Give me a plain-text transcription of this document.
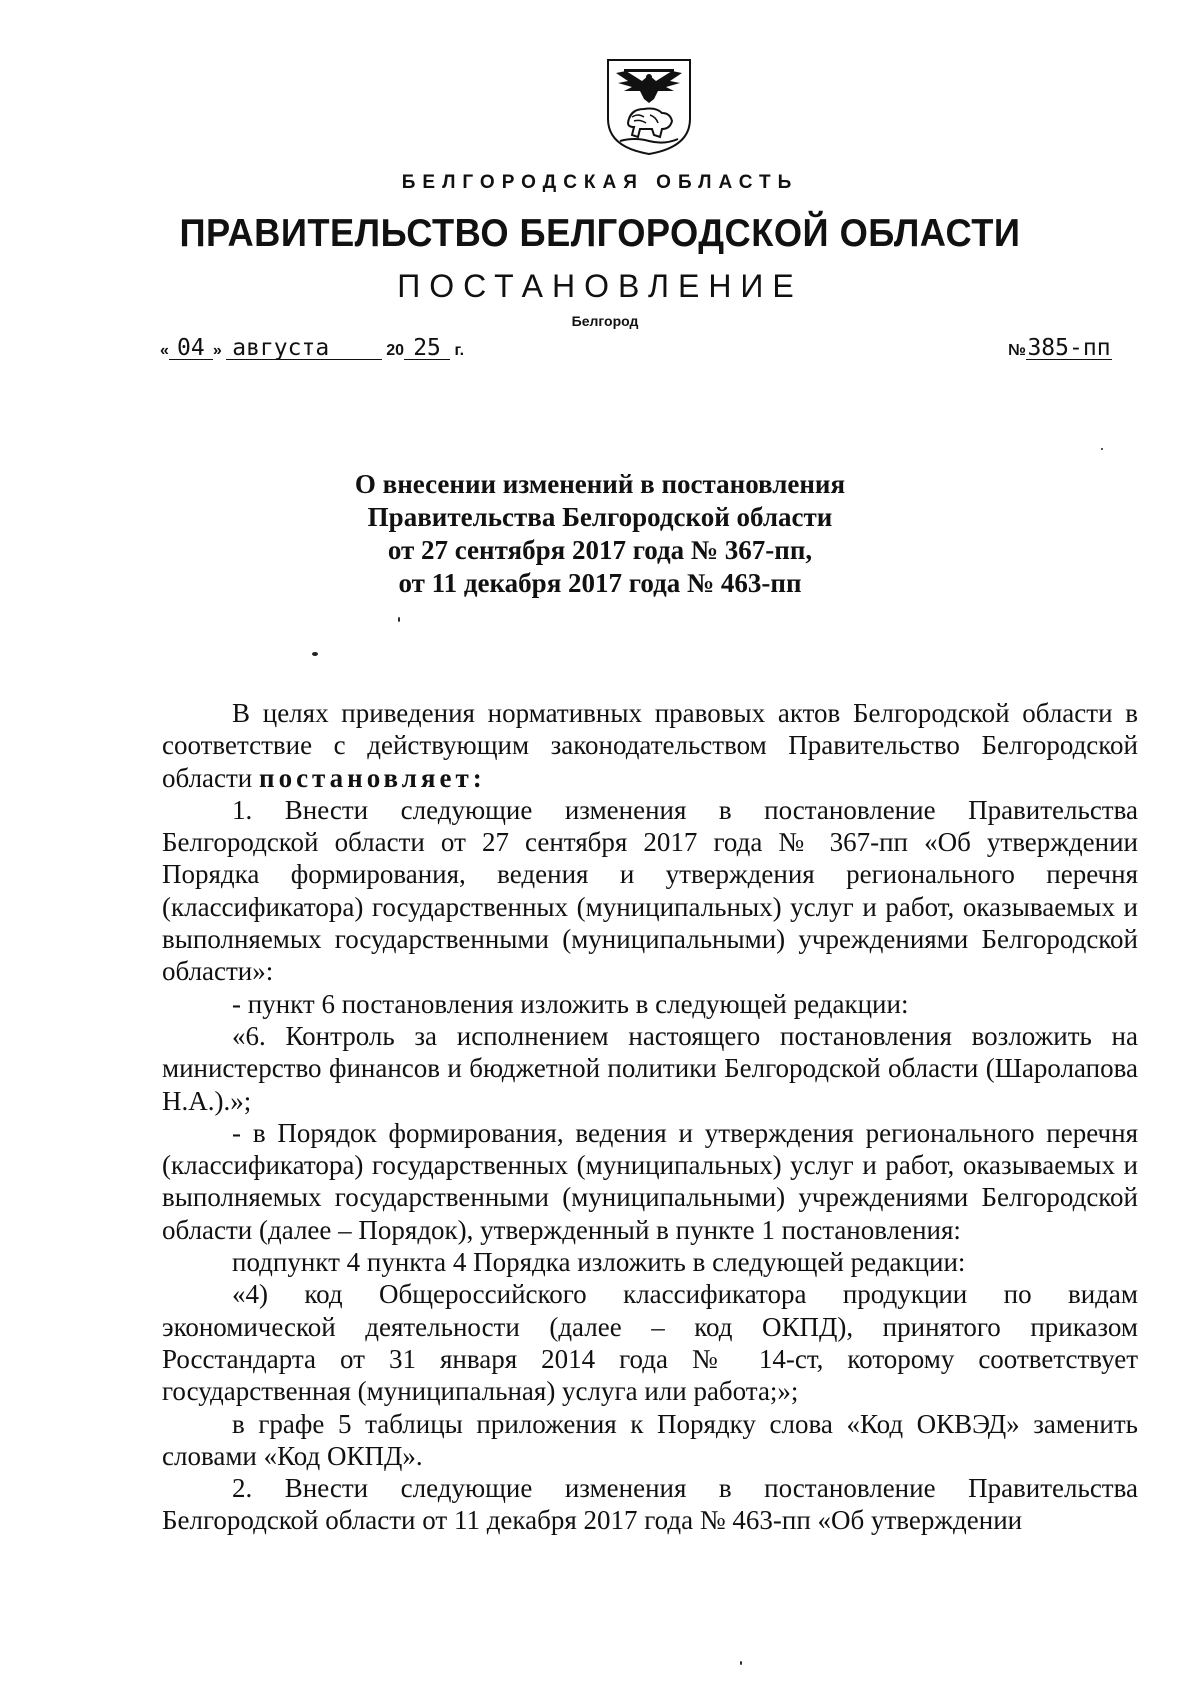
БЕЛГОРОДСКАЯ ОБЛАСТЬ
ПРАВИТЕЛЬСТВО БЕЛГОРОДСКОЙ ОБЛАСТИ
ПОСТАНОВЛЕНИЕ
Белгород
« 04 » августа	20 25 г.	№385-пп
О внесении изменений в постановления
Правительства Белгородской области
от 27 сентября 2017 года № 367-пп,
от 11 декабря 2017 года № 463-пп

В целях приведения нормативных правовых актов Белгородской области в соответствие с действующим законодательством Правительство Белгородской области постановляет:

1. Внести следующие изменения в постановление Правительства Белгородской области от 27 сентября 2017 года № 367-пп «Об утверждении Порядка формирования, ведения и утверждения регионального перечня (классификатора) государственных (муниципальных) услуг и работ, оказываемых и выполняемых государственными (муниципальными) учреждениями Белгородской области»:

- пункт 6 постановления изложить в следующей редакции:

«6. Контроль за исполнением настоящего постановления возложить на министерство финансов и бюджетной политики Белгородской области (Шаролапова Н.А.).»;

- в Порядок формирования, ведения и утверждения регионального перечня (классификатора) государственных (муниципальных) услуг и работ, оказываемых и выполняемых государственными (муниципальными) учреждениями Белгородской области (далее – Порядок), утвержденный в пункте 1 постановления:

подпункт 4 пункта 4 Порядка изложить в следующей редакции:

«4) код Общероссийского классификатора продукции по видам экономической деятельности (далее – код ОКПД), принятого приказом Росстандарта от 31 января 2014 года № 14-ст, которому соответствует государственная (муниципальная) услуга или работа;»;

в графе 5 таблицы приложения к Порядку слова «Код ОКВЭД» заменить словами «Код ОКПД».

2. Внести следующие изменения в постановление Правительства Белгородской области от 11 декабря 2017 года № 463-пп «Об утверждении
